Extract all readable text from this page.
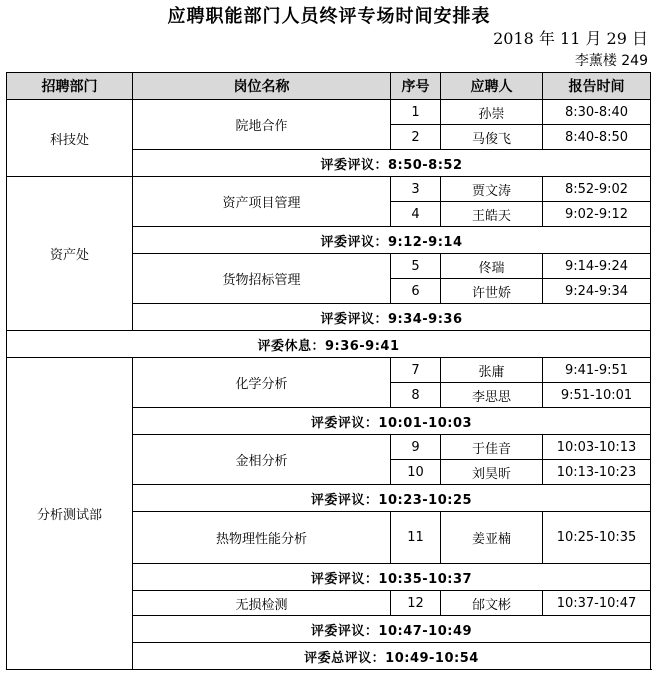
应聘职能部门人员终评专场时间安排表
2018 年 11 月 29 日
李薰楼 249
招聘部门	岗位名称	序号	应聘人	报告时间
科技处	院地合作	1	孙崇	8:30-8:40
		2	马俊飞	8:40-8:50
	评委评议：8:50-8:52			
资产处	资产项目管理	3	贾文涛	8:52-9:02
		4	王皓天	9:02-9:12
	评委评议：9:12-9:14			
	货物招标管理	5	佟瑞	9:14-9:24
		6	许世娇	9:24-9:34
	评委评议：9:34-9:36			
评委休息：9:36-9:41				
分析测试部	化学分析	7	张庸	9:41-9:51
		8	李思思	9:51-10:01
	评委评议：10:01-10:03			
	金相分析	9	于佳音	10:03-10:13
		10	刘昊昕	10:13-10:23
	评委评议：10:23-10:25			
	热物理性能分析	11	姜亚楠	10:25-10:35
	评委评议：10:35-10:37			
	无损检测	12	邰文彬	10:37-10:47
	评委评议：10:47-10:49			
	评委总评议：10:49-10:54			
